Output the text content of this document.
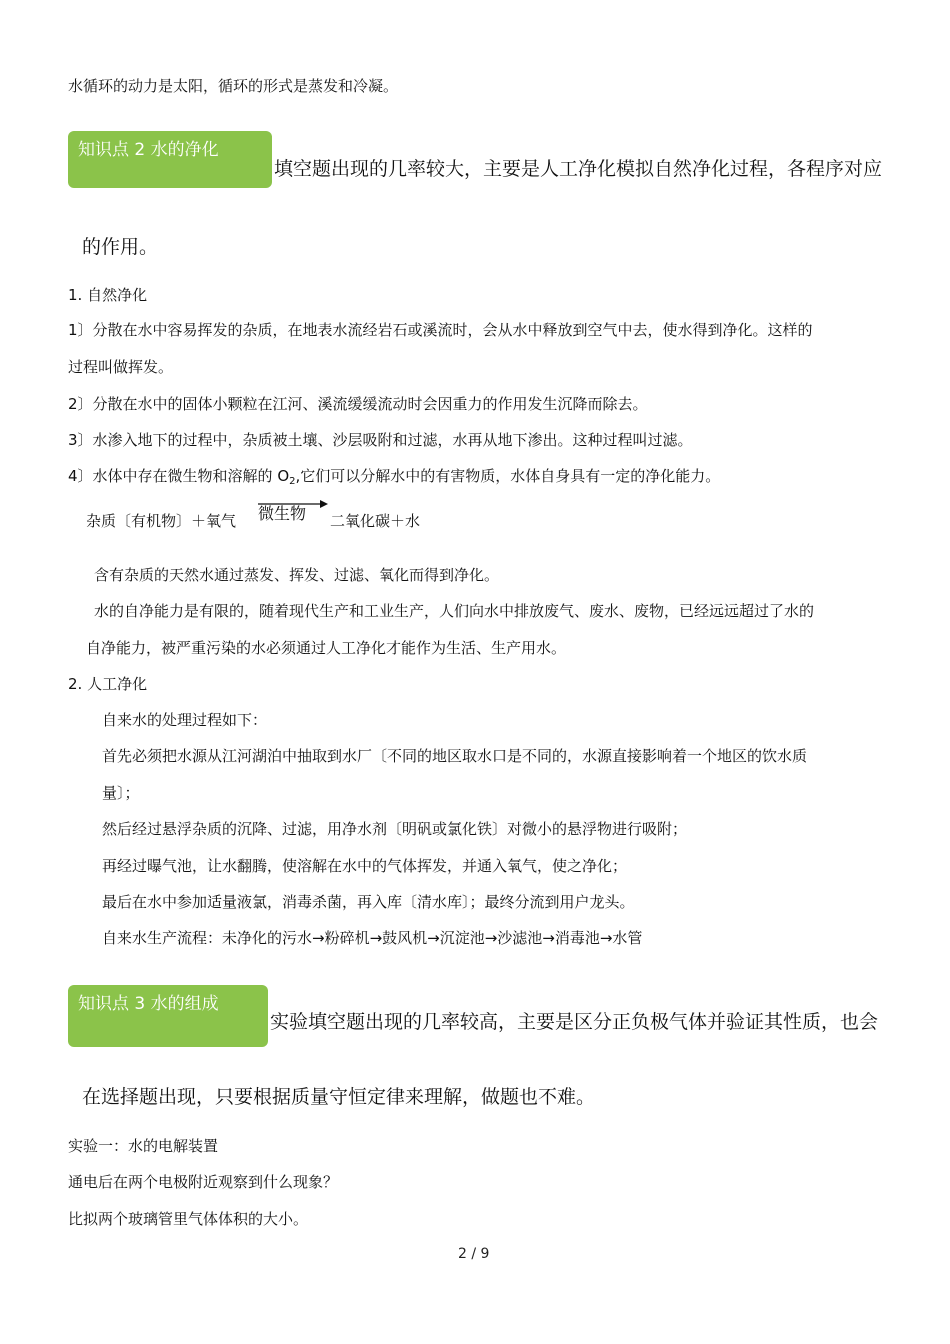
水循环的动力是太阳，循环的形式是蒸发和冷凝。
知识点 2 水的净化
填空题出现的几率较大，主要是人工净化模拟自然净化过程，各程序对应
的作用。
1. 自然净化
1〕分散在水中容易挥发的杂质，在地表水流经岩石或溪流时，会从水中释放到空气中去，使水得到净化。这样的
过程叫做挥发。
2〕分散在水中的固体小颗粒在江河、溪流缓缓流动时会因重力的作用发生沉降而除去。
3〕水渗入地下的过程中，杂质被土壤、沙层吸附和过滤，水再从地下渗出。这种过程叫过滤。
4〕水体中存在微生物和溶解的 $O_2$,它们可以分解水中的有害物质，水体自身具有一定的净化能力。
杂质〔有机物〕＋氧气 微生物 二氧化碳＋水
含有杂质的天然水通过蒸发、挥发、过滤、氧化而得到净化。
水的自净能力是有限的，随着现代生产和工业生产，人们向水中排放废气、废水、废物，已经远远超过了水的
自净能力，被严重污染的水必须通过人工净化才能作为生活、生产用水。
2. 人工净化
自来水的处理过程如下：
首先必须把水源从江河湖泊中抽取到水厂〔不同的地区取水口是不同的，水源直接影响着一个地区的饮水质
量〕；
然后经过悬浮杂质的沉降、过滤，用净水剂〔明矾或氯化铁〕对微小的悬浮物进行吸附；
再经过曝气池，让水翻腾，使溶解在水中的气体挥发，并通入氧气，使之净化；
最后在水中参加适量液氯，消毒杀菌，再入库〔清水库〕；最终分流到用户龙头。
自来水生产流程：未净化的污水→粉碎机→鼓风机→沉淀池→沙滤池→消毒池→水管
知识点 3 水的组成
实验填空题出现的几率较高，主要是区分正负极气体并验证其性质，也会
在选择题出现，只要根据质量守恒定律来理解，做题也不难。
实验一：水的电解装置
通电后在两个电极附近观察到什么现象？
比拟两个玻璃管里气体体积的大小。
2 / 9
